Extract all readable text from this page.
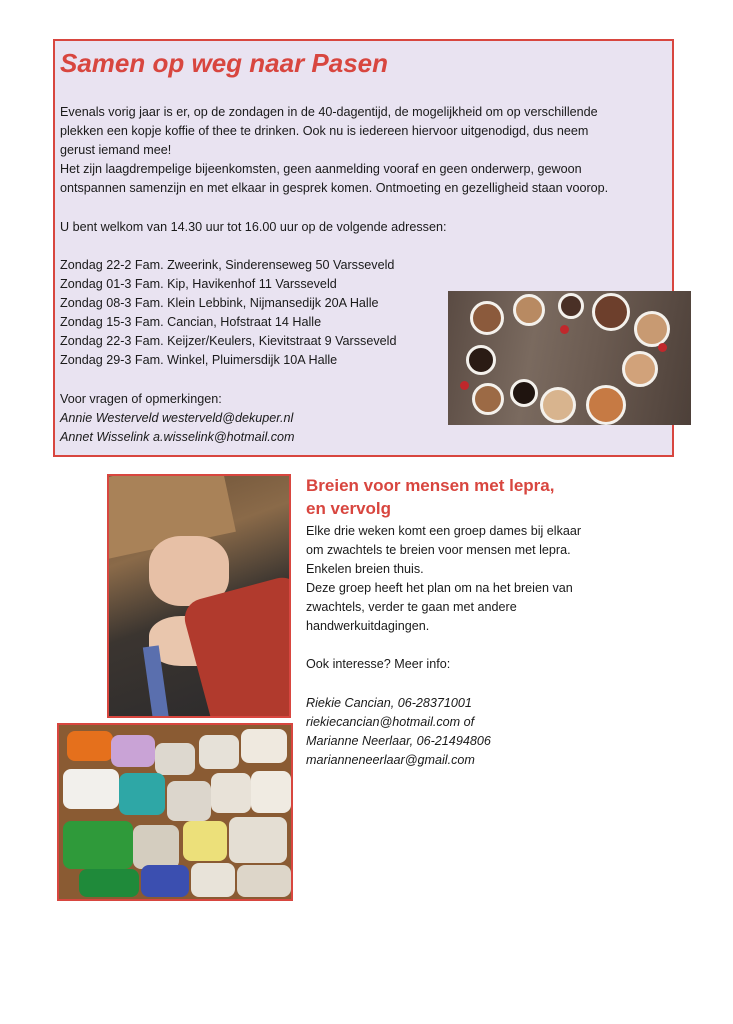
Samen op weg naar Pasen

Evenals vorig jaar is er, op de zondagen in de 40-dagentijd, de mogelijkheid om op verschillende
plekken een kopje koffie of thee te drinken. Ook nu is iedereen hiervoor uitgenodigd, dus neem
gerust iemand mee!
Het zijn laagdrempelige bijeenkomsten, geen aanmelding vooraf en geen onderwerp, gewoon
ontspannen samenzijn en met elkaar in gesprek komen. Ontmoeting en gezelligheid staan voorop.

U bent welkom van 14.30 uur tot 16.00 uur op de volgende adressen:

Zondag 22-2 Fam. Zweerink, Sinderenseweg 50 Varsseveld
Zondag 01-3 Fam. Kip, Havikenhof 11 Varsseveld
Zondag 08-3 Fam. Klein Lebbink, Nijmansedijk 20A Halle
Zondag 15-3 Fam. Cancian, Hofstraat 14 Halle
Zondag 22-3 Fam. Keijzer/Keulers, Kievitstraat 9 Varsseveld
Zondag 29-3 Fam. Winkel, Pluimersdijk 10A Halle

Voor vragen of opmerkingen:

Annie Westerveld westerveld@dekuper.nl
Annet Wisselink a.wisselink@hotmail.com
Breien voor mensen met lepra,
en vervolg

Elke drie weken komt een groep dames bij elkaar
om zwachtels te breien voor mensen met lepra.
Enkelen breien thuis.
Deze groep heeft het plan om na het breien van
zwachtels, verder te gaan met andere
handwerkuitdagingen.

Ook interesse? Meer info:

Riekie Cancian, 06-28371001
riekiecancian@hotmail.com of
Marianne Neerlaar, 06-21494806
marianneneerlaar@gmail.com
